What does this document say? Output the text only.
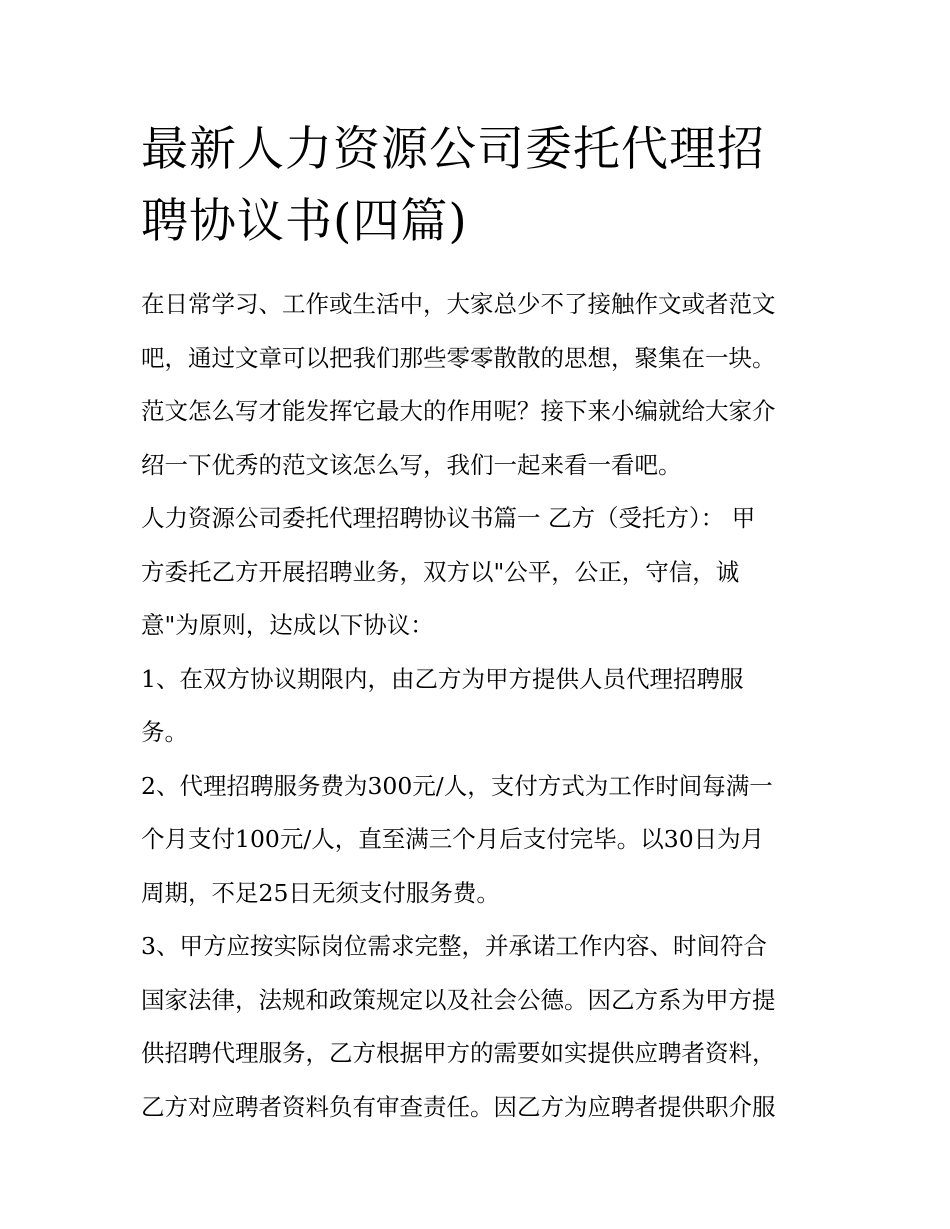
最新人力资源公司委托代理招
聘协议书(四篇)
在日常学习、工作或生活中，大家总少不了接触作文或者范文
吧，通过文章可以把我们那些零零散散的思想，聚集在一块。
范文怎么写才能发挥它最大的作用呢？接下来小编就给大家介
绍一下优秀的范文该怎么写，我们一起来看一看吧。
人力资源公司委托代理招聘协议书篇一 乙方（受托方）： 甲
方委托乙方开展招聘业务，双方以"公平，公正，守信，诚
意"为原则，达成以下协议：
1、在双方协议期限内，由乙方为甲方提供人员代理招聘服
务。
2、代理招聘服务费为300元/人，支付方式为工作时间每满一
个月支付100元/人，直至满三个月后支付完毕。以30日为月
周期，不足25日无须支付服务费。
3、甲方应按实际岗位需求完整，并承诺工作内容、时间符合
国家法律，法规和政策规定以及社会公德。因乙方系为甲方提
供招聘代理服务，乙方根据甲方的需要如实提供应聘者资料，
乙方对应聘者资料负有审查责任。因乙方为应聘者提供职介服
